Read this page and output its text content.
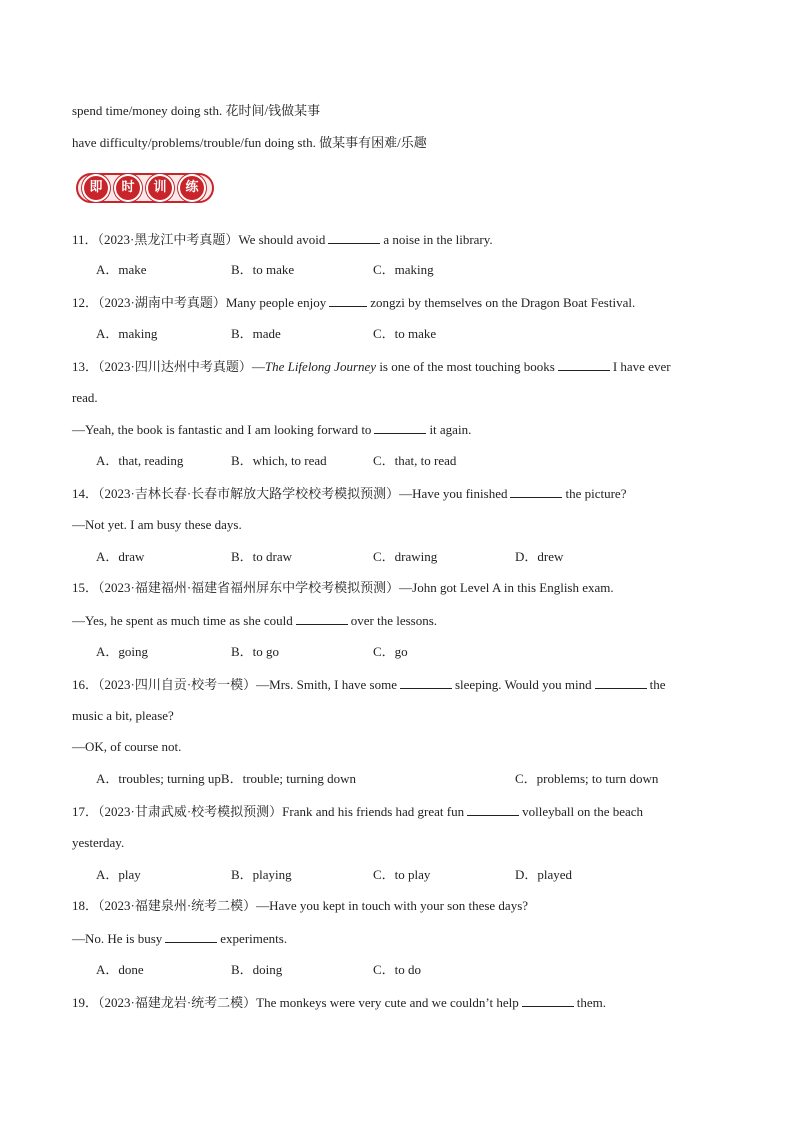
spend time/money doing sth. 花时间/钱做某事
have difficulty/problems/trouble/fun doing sth. 做某事有困难/乐趣
即	时	训	练
11．（2023·黑龙江中考真题）We should avoid	a noise in the library.
A．make	B．to make	C．making
12．（2023·湖南中考真题）Many people enjoy	zongzi by themselves on the Dragon Boat Festival.
A．making	B．made	C．to make
13．（2023·四川达州中考真题）—The Lifelong Journey is one of the most touching books	I have ever
read.
—Yeah, the book is fantastic and I am looking forward to	it again.
A．that, reading	B．which, to read	C．that, to read
14．（2023·吉林长春·长春市解放大路学校校考模拟预测）—Have you finished	the picture?
—Not yet. I am busy these days.
A．draw	B．to draw	C．drawing	D．drew
15．（2023·福建福州·福建省福州屏东中学校考模拟预测）—John got Level A in this English exam.
—Yes, he spent as much time as she could	over the lessons.
A．going	B．to go	C．go
16．（2023·四川自贡·校考一模）—Mrs. Smith, I have some	sleeping. Would you mind	the
music a bit, please?
—OK, of course not.
A．troubles; turning upB．trouble; turning down	C．problems; to turn down
17．（2023·甘肃武威·校考模拟预测）Frank and his friends had great fun	volleyball on the beach
yesterday.
A．play	B．playing	C．to play	D．played
18．（2023·福建泉州·统考二模）—Have you kept in touch with your son these days?
—No. He is busy	experiments.
A．done	B．doing	C．to do
19．（2023·福建龙岩·统考二模）The monkeys were very cute and we couldn’t help	them.
